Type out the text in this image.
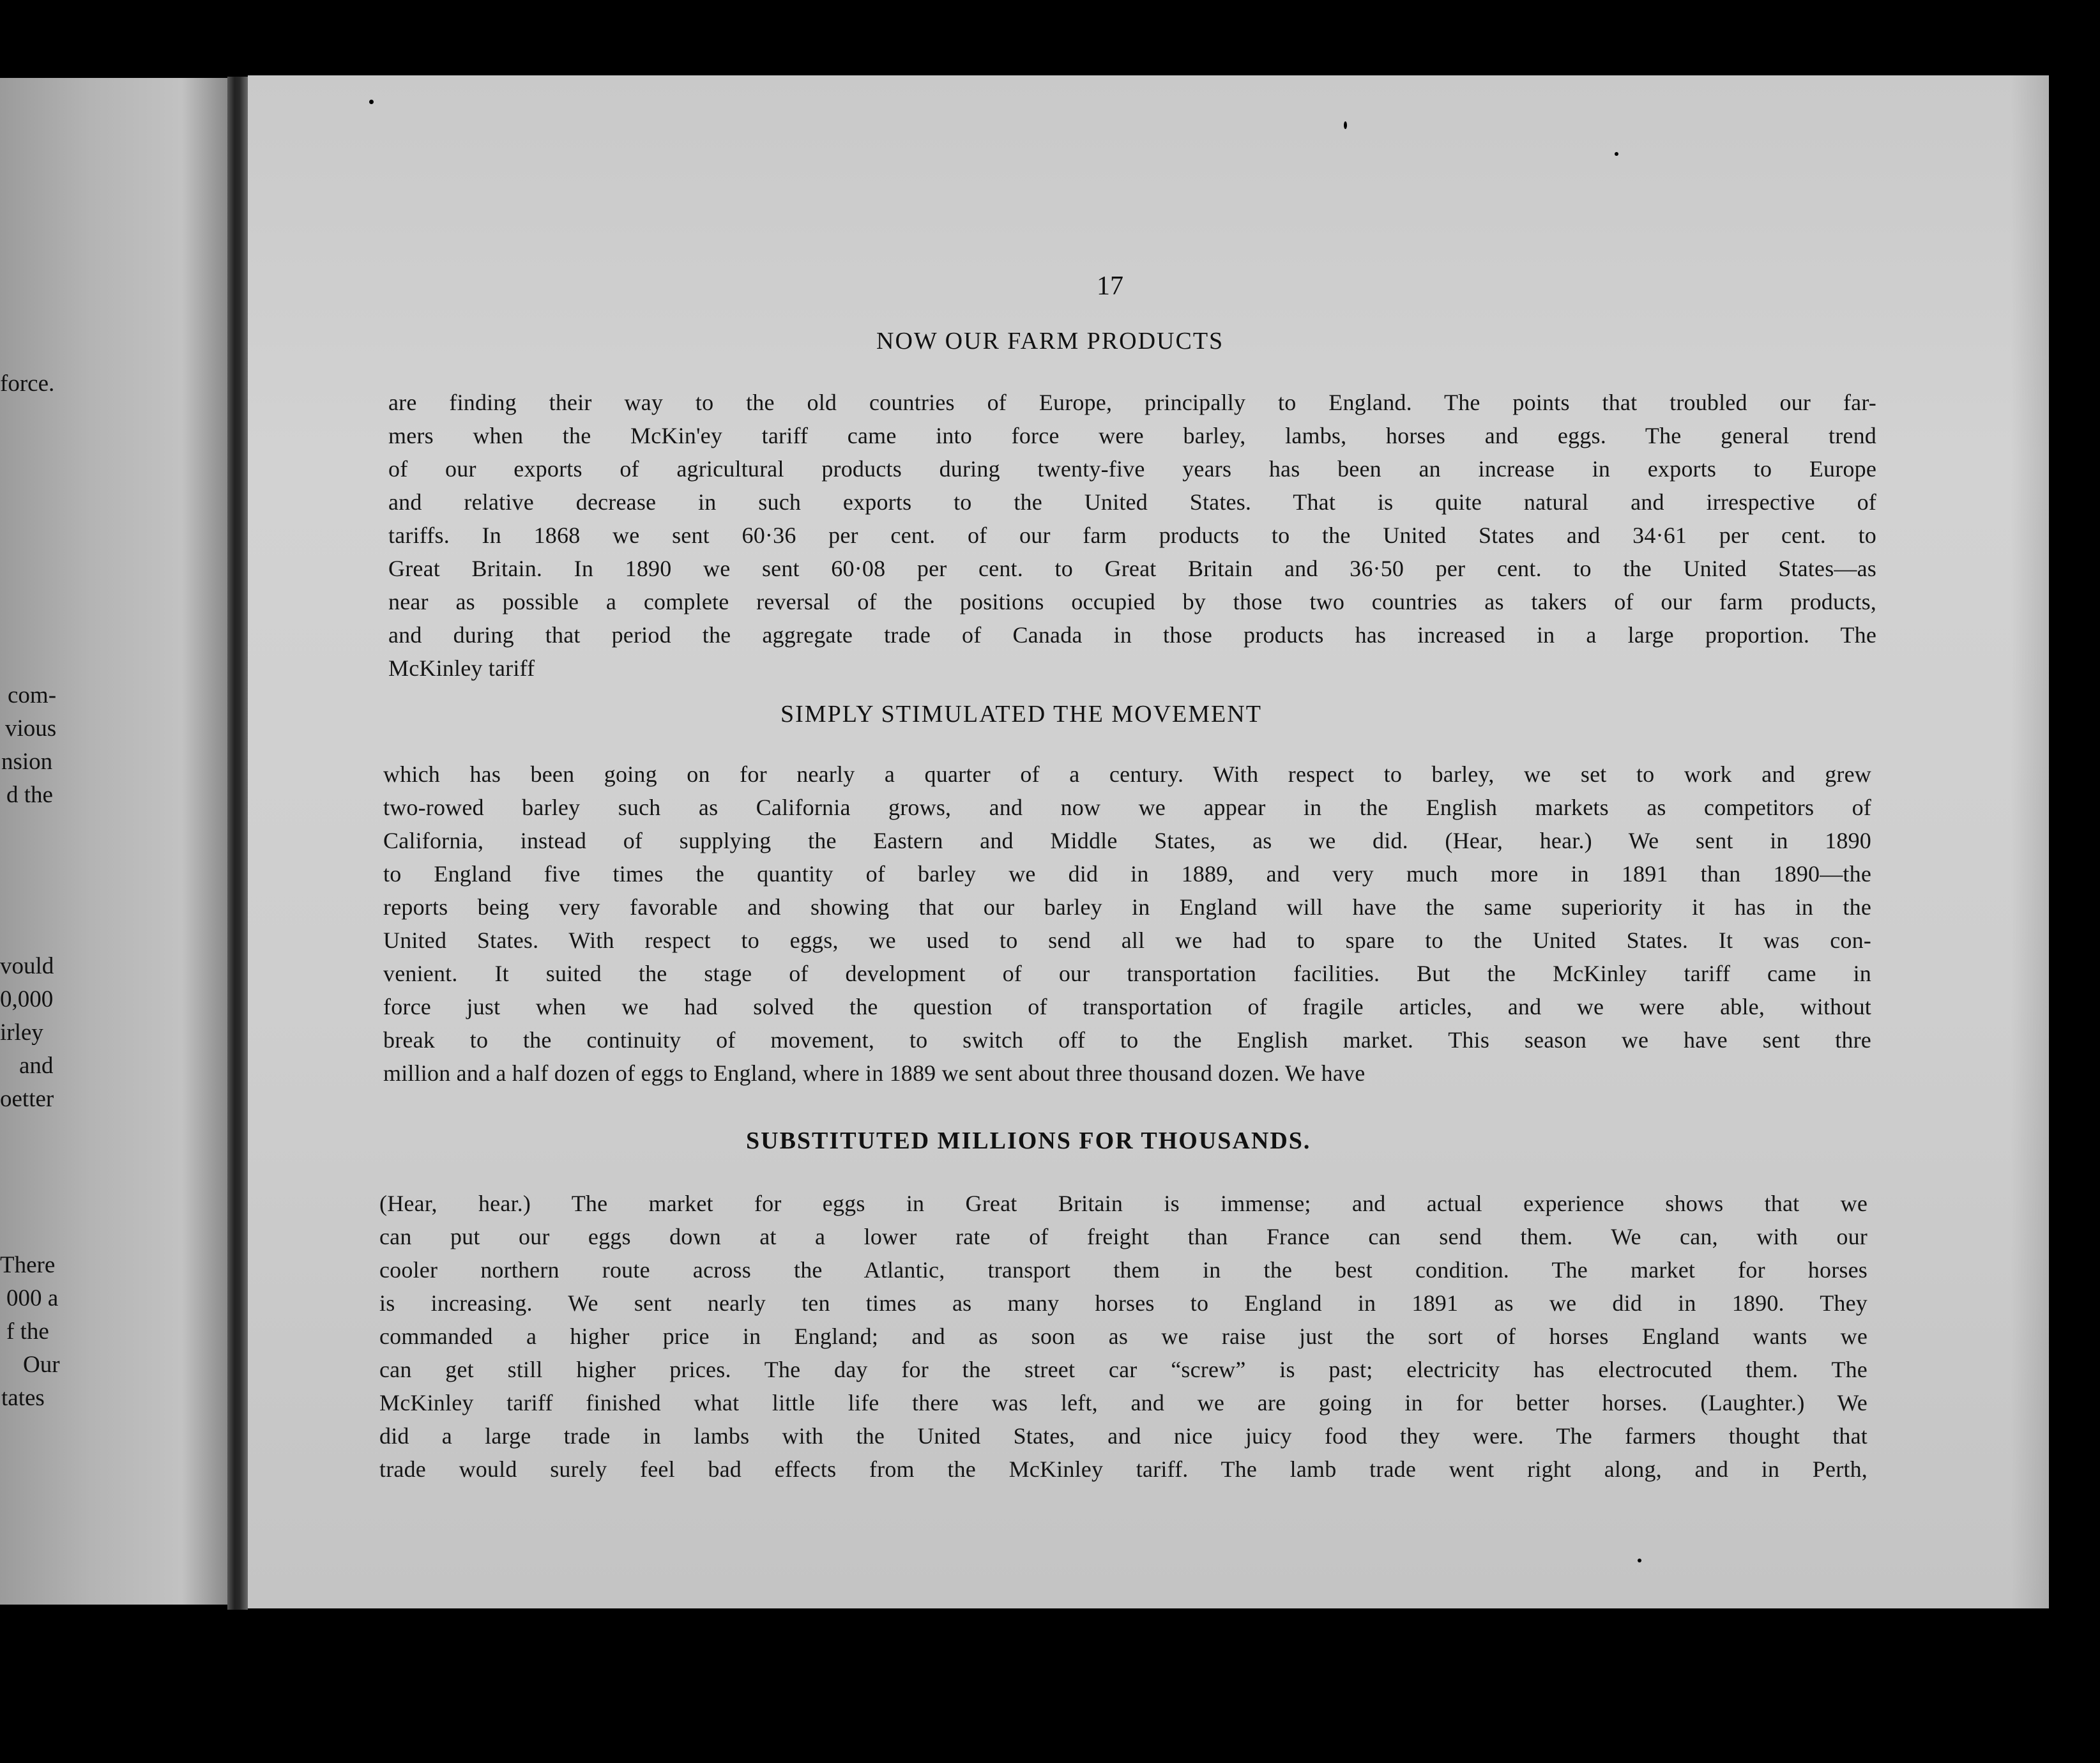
force.
com-
vious
nsion
d the
vould
0,000
irley
and
oetter
There
000 a
f the
Our
tates
17
NOW OUR FARM PRODUCTS
are finding their way to the old countries of Europe, principally to England. The points that troubled our far-
mers when the McKin'ey tariff came into force were barley, lambs, horses and eggs. The general trend
of our exports of agricultural products during twenty-five years has been an increase in exports to Europe
and relative decrease in such exports to the United States. That is quite natural and irrespective of
tariffs. In 1868 we sent 60·36 per cent. of our farm products to the United States and 34·61 per cent. to
Great Britain. In 1890 we sent 60·08 per cent. to Great Britain and 36·50 per cent. to the United States—as
near as possible a complete reversal of the positions occupied by those two countries as takers of our farm products,
and during that period the aggregate trade of Canada in those products has increased in a large proportion. The
McKinley tariff
SIMPLY STIMULATED THE MOVEMENT
which has been going on for nearly a quarter of a century. With respect to barley, we set to work and grew
two-rowed barley such as California grows, and now we appear in the English markets as competitors of
California, instead of supplying the Eastern and Middle States, as we did. (Hear, hear.) We sent in 1890
to England five times the quantity of barley we did in 1889, and very much more in 1891 than 1890—the
reports being very favorable and showing that our barley in England will have the same superiority it has in the
United States. With respect to eggs, we used to send all we had to spare to the United States. It was con-
venient. It suited the stage of development of our transportation facilities. But the McKinley tariff came in
force just when we had solved the question of transportation of fragile articles, and we were able, without
break to the continuity of movement, to switch off to the English market. This season we have sent thre
million and a half dozen of eggs to England, where in 1889 we sent about three thousand dozen. We have
SUBSTITUTED MILLIONS FOR THOUSANDS.
(Hear, hear.) The market for eggs in Great Britain is immense; and actual experience shows that we
can put our eggs down at a lower rate of freight than France can send them. We can, with our
cooler northern route across the Atlantic, transport them in the best condition. The market for horses
is increasing. We sent nearly ten times as many horses to England in 1891 as we did in 1890. They
commanded a higher price in England; and as soon as we raise just the sort of horses England wants we
can get still higher prices. The day for the street car “screw” is past; electricity has electrocuted them. The
McKinley tariff finished what little life there was left, and we are going in for better horses. (Laughter.) We
did a large trade in lambs with the United States, and nice juicy food they were. The farmers thought that
trade would surely feel bad effects from the McKinley tariff. The lamb trade went right along, and in Perth,
